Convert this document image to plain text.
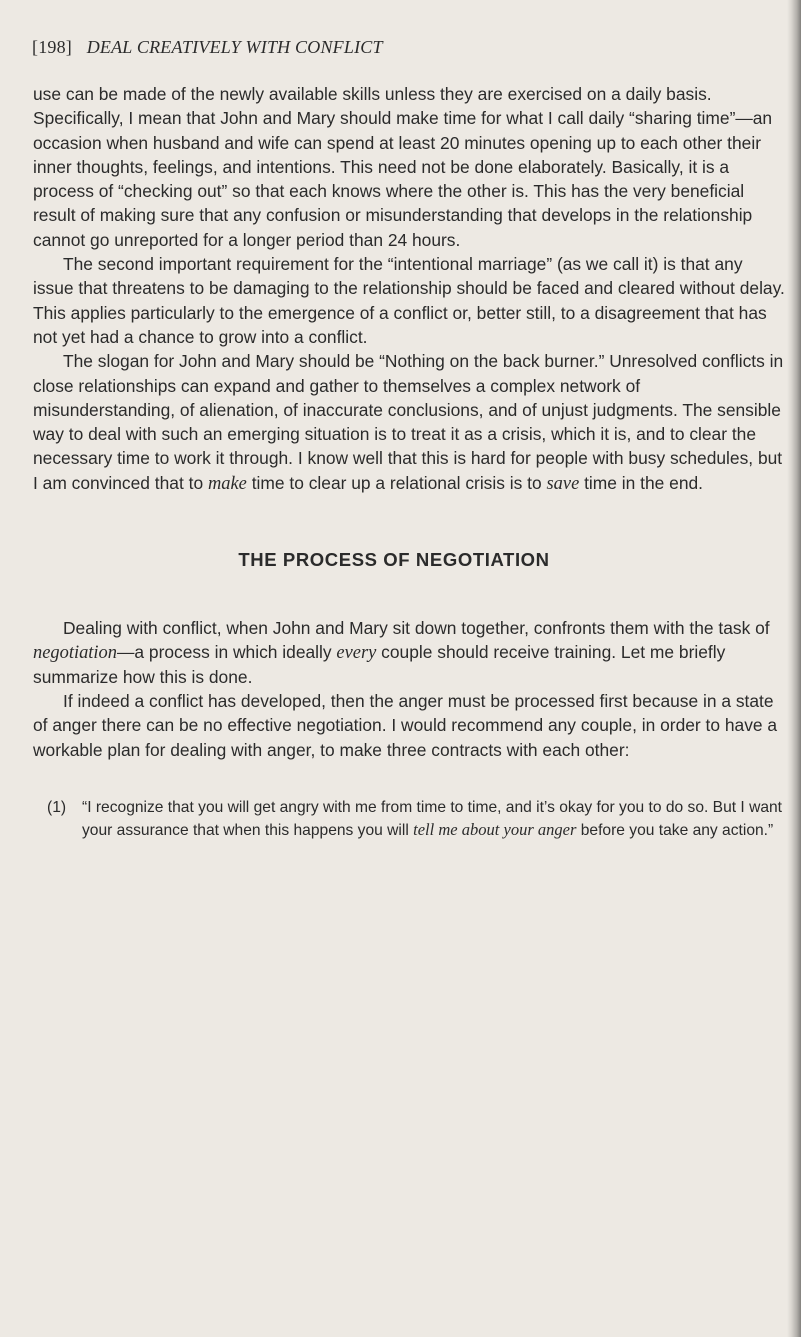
[198] DEAL CREATIVELY WITH CONFLICT

use can be made of the newly available skills unless they are exercised on a daily basis. Specifically, I mean that John and Mary should make time for what I call daily “sharing time”—an occasion when husband and wife can spend at least 20 minutes opening up to each other their inner thoughts, feelings, and intentions. This need not be done elaborately. Basically, it is a process of “checking out” so that each knows where the other is. This has the very beneficial result of making sure that any confusion or misunderstanding that develops in the relationship cannot go unreported for a longer period than 24 hours.

The second important requirement for the “intentional marriage” (as we call it) is that any issue that threatens to be damaging to the relationship should be faced and cleared without delay. This applies particularly to the emergence of a conflict or, better still, to a disagreement that has not yet had a chance to grow into a conflict.

The slogan for John and Mary should be “Nothing on the back burner.” Unresolved conflicts in close relationships can expand and gather to themselves a complex network of misunderstanding, of alienation, of inaccurate conclusions, and of unjust judgments. The sensible way to deal with such an emerging situation is to treat it as a crisis, which it is, and to clear the necessary time to work it through. I know well that this is hard for people with busy schedules, but I am convinced that to make time to clear up a relational crisis is to save time in the end.

THE PROCESS OF NEGOTIATION

Dealing with conflict, when John and Mary sit down together, confronts them with the task of negotiation—a process in which ideally every couple should receive training. Let me briefly summarize how this is done.

If indeed a conflict has developed, then the anger must be processed first because in a state of anger there can be no effective negotiation. I would recommend any couple, in order to have a workable plan for dealing with anger, to make three contracts with each other:

(1) “I recognize that you will get angry with me from time to time, and it’s okay for you to do so. But I want your assurance that when this happens you will tell me about your anger before you take any action.”
